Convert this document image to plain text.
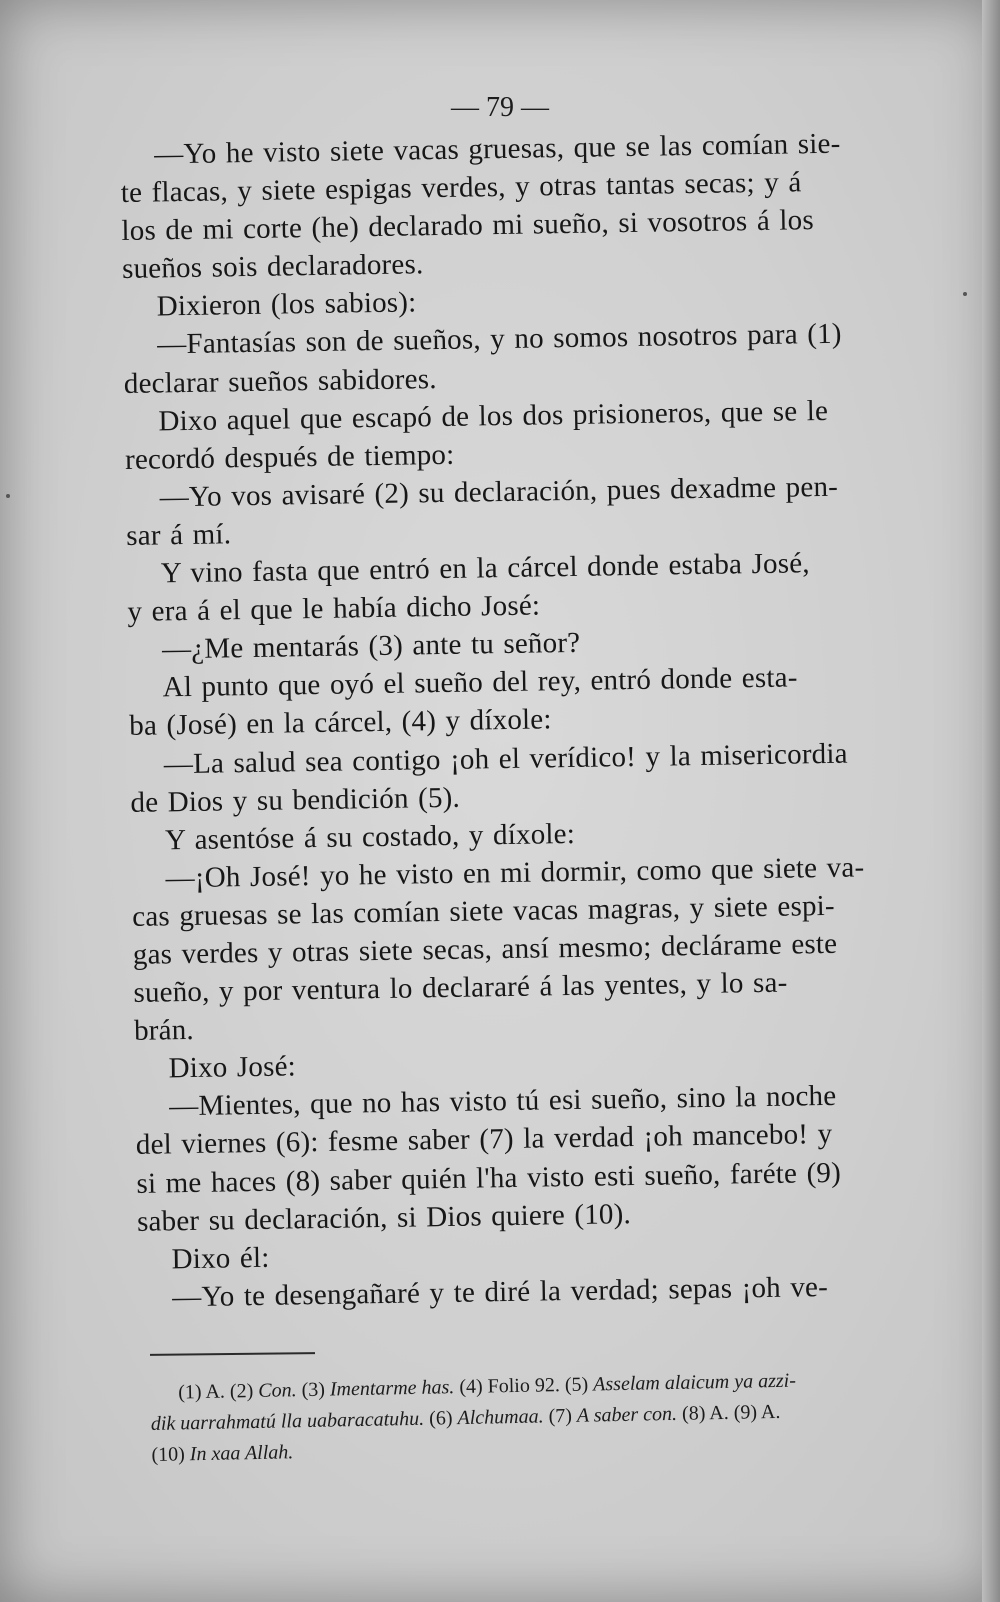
— 79 —
—Yo he visto siete vacas gruesas, que se las comían sie-
te flacas, y siete espigas verdes, y otras tantas secas; y á
los de mi corte (he) declarado mi sueño, si vosotros á los
sueños sois declaradores.
Dixieron (los sabios):
—Fantasías son de sueños, y no somos nosotros para (1)
declarar sueños sabidores.
Dixo aquel que escapó de los dos prisioneros, que se le
recordó después de tiempo:
—Yo vos avisaré (2) su declaración, pues dexadme pen-
sar á mí.
Y vino fasta que entró en la cárcel donde estaba José,
y era á el que le había dicho José:
—¿Me mentarás (3) ante tu señor?
Al punto que oyó el sueño del rey, entró donde esta-
ba (José) en la cárcel, (4) y díxole:
—La salud sea contigo ¡oh el verídico! y la misericordia
de Dios y su bendición (5).
Y asentóse á su costado, y díxole:
—¡Oh José! yo he visto en mi dormir, como que siete va-
cas gruesas se las comían siete vacas magras, y siete espi-
gas verdes y otras siete secas, ansí mesmo; declárame este
sueño, y por ventura lo declararé á las yentes, y lo sa-
brán.
Dixo José:
—Mientes, que no has visto tú esi sueño, sino la noche
del viernes (6): fesme saber (7) la verdad ¡oh mancebo! y
si me haces (8) saber quién l'ha visto esti sueño, faréte (9)
saber su declaración, si Dios quiere (10).
Dixo él:
—Yo te desengañaré y te diré la verdad; sepas ¡oh ve-
(1) A. (2) Con. (3) Imentarme has. (4) Folio 92. (5) Asselam alaicum ya azzi-
dik uarrahmatú lla uabaracatuhu. (6) Alchumaa. (7) A saber con. (8) A. (9) A.
(10) In xaa Allah.
